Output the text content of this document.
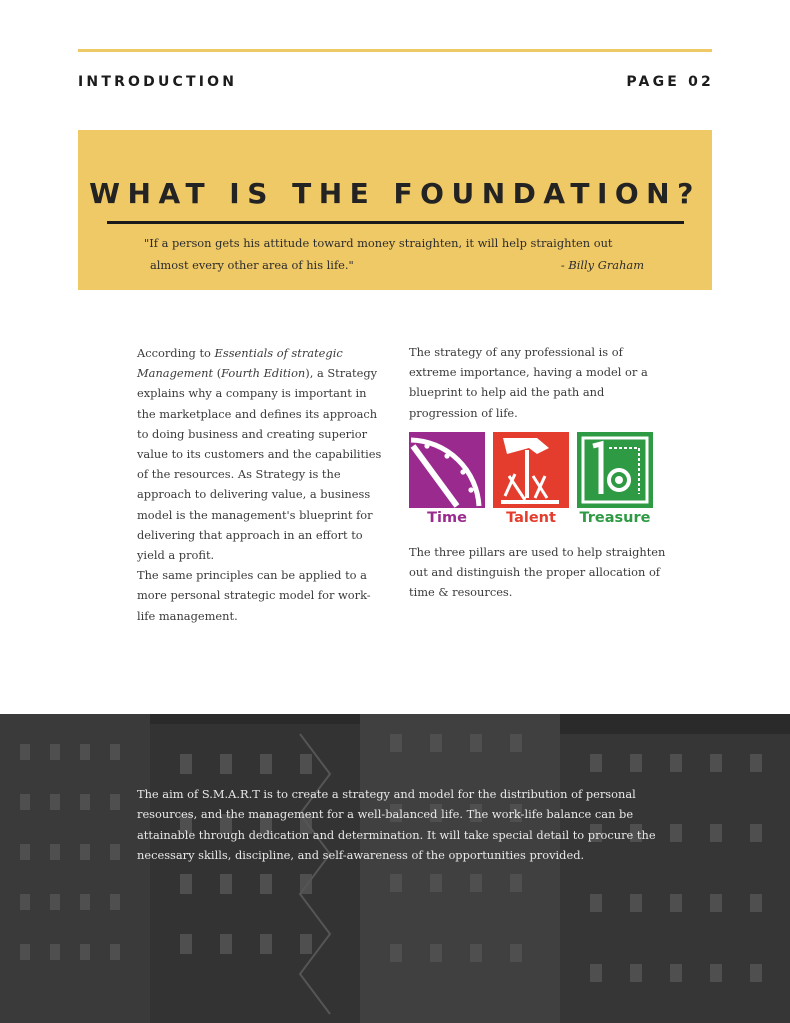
INTRODUCTION	PAGE 02
WHAT IS THE FOUNDATION?
"If a person gets his attitude toward money straighten, it will help straighten out
almost every other area of his life."	- Billy Graham

According to Essentials of strategic Management (Fourth Edition), a Strategy explains why a company is important in the marketplace and defines its approach to doing business and creating superior value to its customers and the capabilities of the resources. As Strategy is the approach to delivering value, a business model is the management's blueprint for delivering that approach in an effort to yield a profit.

The same principles can be applied to a more personal strategic model for work-life management.

The strategy of any professional is of extreme importance, having a model or a blueprint to help aid the path and progression of life.

Time	Talent	Treasure
The three pillars are used to help straighten out and distinguish the proper allocation of time & resources.
The aim of S.M.A.R.T is to create a strategy and model for the distribution of personal resources, and the management for a well-balanced life. The work-life balance can be attainable through dedication and determination. It will take special detail to procure the necessary skills, discipline, and self-awareness of the opportunities provided.
